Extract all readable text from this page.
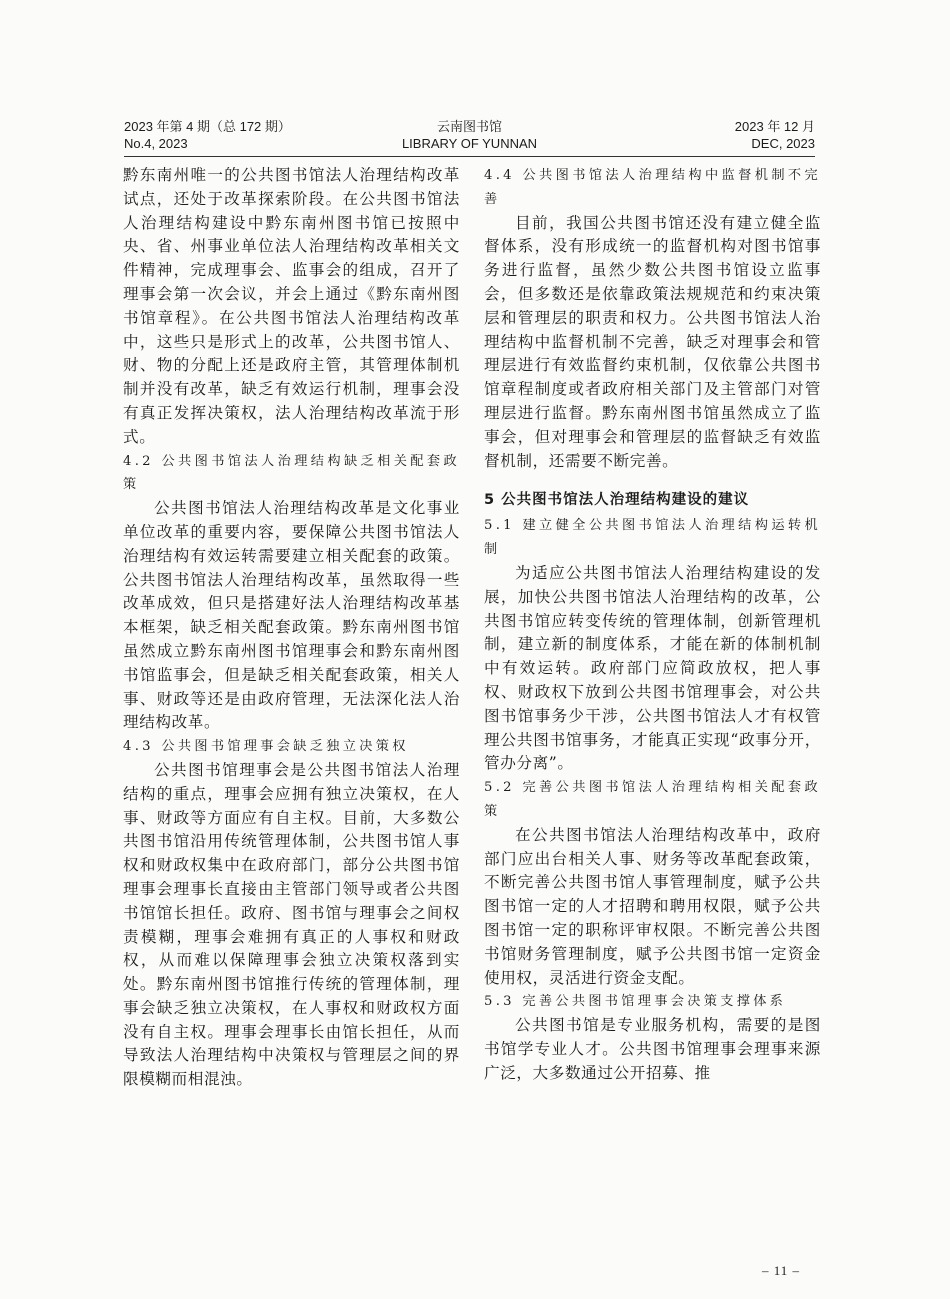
2023 年第 4 期（总 172 期）
No.4, 2023
云南图书馆
LIBRARY OF YUNNAN
2023 年 12 月
DEC, 2023

黔东南州唯一的公共图书馆法人治理结构改革试点，还处于改革探索阶段。在公共图书馆法人治理结构建设中黔东南州图书馆已按照中央、省、州事业单位法人治理结构改革相关文件精神，完成理事会、监事会的组成，召开了理事会第一次会议，并会上通过《黔东南州图书馆章程》。在公共图书馆法人治理结构改革中，这些只是形式上的改革，公共图书馆人、财、物的分配上还是政府主管，其管理体制机制并没有改革，缺乏有效运行机制，理事会没有真正发挥决策权，法人治理结构改革流于形式。

4.2 公共图书馆法人治理结构缺乏相关配套政策

公共图书馆法人治理结构改革是文化事业单位改革的重要内容，要保障公共图书馆法人治理结构有效运转需要建立相关配套的政策。公共图书馆法人治理结构改革，虽然取得一些改革成效，但只是搭建好法人治理结构改革基本框架，缺乏相关配套政策。黔东南州图书馆虽然成立黔东南州图书馆理事会和黔东南州图书馆监事会，但是缺乏相关配套政策，相关人事、财政等还是由政府管理，无法深化法人治理结构改革。

4.3 公共图书馆理事会缺乏独立决策权

公共图书馆理事会是公共图书馆法人治理结构的重点，理事会应拥有独立决策权，在人事、财政等方面应有自主权。目前，大多数公共图书馆沿用传统管理体制，公共图书馆人事权和财政权集中在政府部门，部分公共图书馆理事会理事长直接由主管部门领导或者公共图书馆馆长担任。政府、图书馆与理事会之间权责模糊，理事会难拥有真正的人事权和财政权，从而难以保障理事会独立决策权落到实处。黔东南州图书馆推行传统的管理体制，理事会缺乏独立决策权，在人事权和财政权方面没有自主权。理事会理事长由馆长担任，从而导致法人治理结构中决策权与管理层之间的界限模糊而相混浊。

4.4 公共图书馆法人治理结构中监督机制不完善

目前，我国公共图书馆还没有建立健全监督体系，没有形成统一的监督机构对图书馆事务进行监督，虽然少数公共图书馆设立监事会，但多数还是依靠政策法规规范和约束决策层和管理层的职责和权力。公共图书馆法人治理结构中监督机制不完善，缺乏对理事会和管理层进行有效监督约束机制，仅依靠公共图书馆章程制度或者政府相关部门及主管部门对管理层进行监督。黔东南州图书馆虽然成立了监事会，但对理事会和管理层的监督缺乏有效监督机制，还需要不断完善。

5 公共图书馆法人治理结构建设的建议

5.1 建立健全公共图书馆法人治理结构运转机制

为适应公共图书馆法人治理结构建设的发展，加快公共图书馆法人治理结构的改革，公共图书馆应转变传统的管理体制，创新管理机制，建立新的制度体系，才能在新的体制机制中有效运转。政府部门应简政放权，把人事权、财政权下放到公共图书馆理事会，对公共图书馆事务少干涉，公共图书馆法人才有权管理公共图书馆事务，才能真正实现“政事分开，管办分离”。

5.2 完善公共图书馆法人治理结构相关配套政策

在公共图书馆法人治理结构改革中，政府部门应出台相关人事、财务等改革配套政策，不断完善公共图书馆人事管理制度，赋予公共图书馆一定的人才招聘和聘用权限，赋予公共图书馆一定的职称评审权限。不断完善公共图书馆财务管理制度，赋予公共图书馆一定资金使用权，灵活进行资金支配。

5.3 完善公共图书馆理事会决策支撑体系

公共图书馆是专业服务机构，需要的是图书馆学专业人才。公共图书馆理事会理事来源广泛，大多数通过公开招募、推

– 11 –
